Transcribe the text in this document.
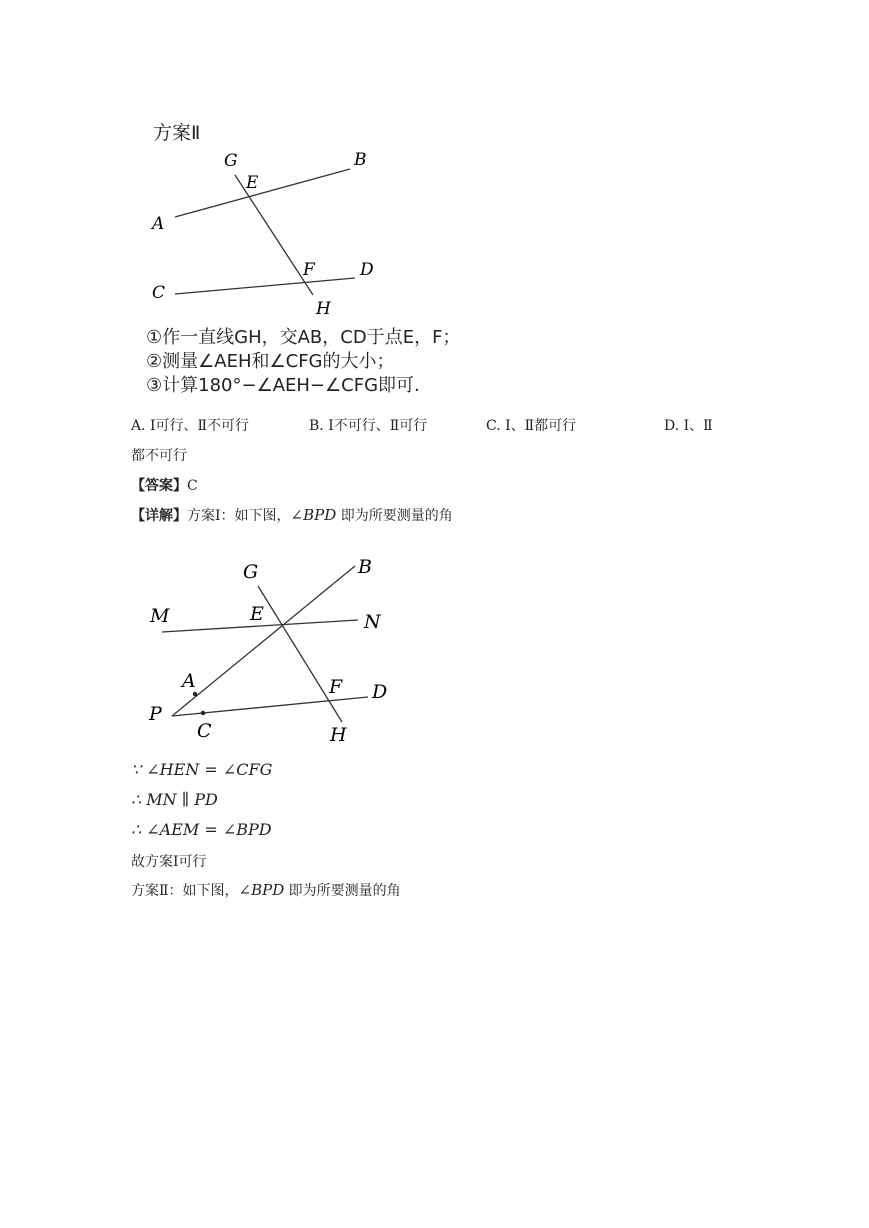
方案Ⅱ
G
E
B
A
F	D
C
H
①作一直线GH，交AB，CD于点E，F；
②测量∠AEH和∠CFG的大小；
③计算180°−∠AEH−∠CFG即可.
A. Ⅰ可行、Ⅱ不可行	B. Ⅰ不可行、Ⅱ可行	C. Ⅰ、Ⅱ都可行	D. Ⅰ、Ⅱ
都不可行
【答案】C
【详解】方案Ⅰ：如下图，∠BPD 即为所要测量的角
G	B
M	E	N
A	F D
P
C	H
∵ ∠HEN = ∠CFG
∴ MN ∥ PD
∴ ∠AEM = ∠BPD
故方案Ⅰ可行
方案Ⅱ：如下图，∠BPD 即为所要测量的角
